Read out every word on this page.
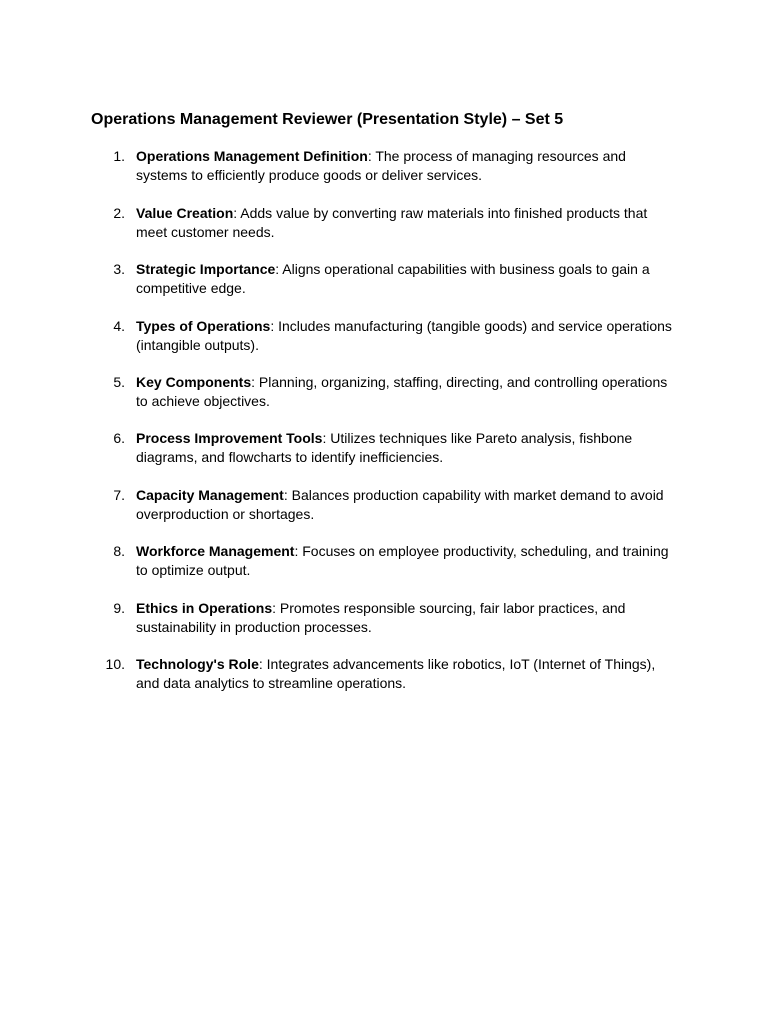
Operations Management Reviewer (Presentation Style) – Set 5
1. Operations Management Definition: The process of managing resources and systems to efficiently produce goods or deliver services.
2. Value Creation: Adds value by converting raw materials into finished products that meet customer needs.
3. Strategic Importance: Aligns operational capabilities with business goals to gain a competitive edge.
4. Types of Operations: Includes manufacturing (tangible goods) and service operations (intangible outputs).
5. Key Components: Planning, organizing, staffing, directing, and controlling operations to achieve objectives.
6. Process Improvement Tools: Utilizes techniques like Pareto analysis, fishbone diagrams, and flowcharts to identify inefficiencies.
7. Capacity Management: Balances production capability with market demand to avoid overproduction or shortages.
8. Workforce Management: Focuses on employee productivity, scheduling, and training to optimize output.
9. Ethics in Operations: Promotes responsible sourcing, fair labor practices, and sustainability in production processes.
10. Technology's Role: Integrates advancements like robotics, IoT (Internet of Things), and data analytics to streamline operations.
